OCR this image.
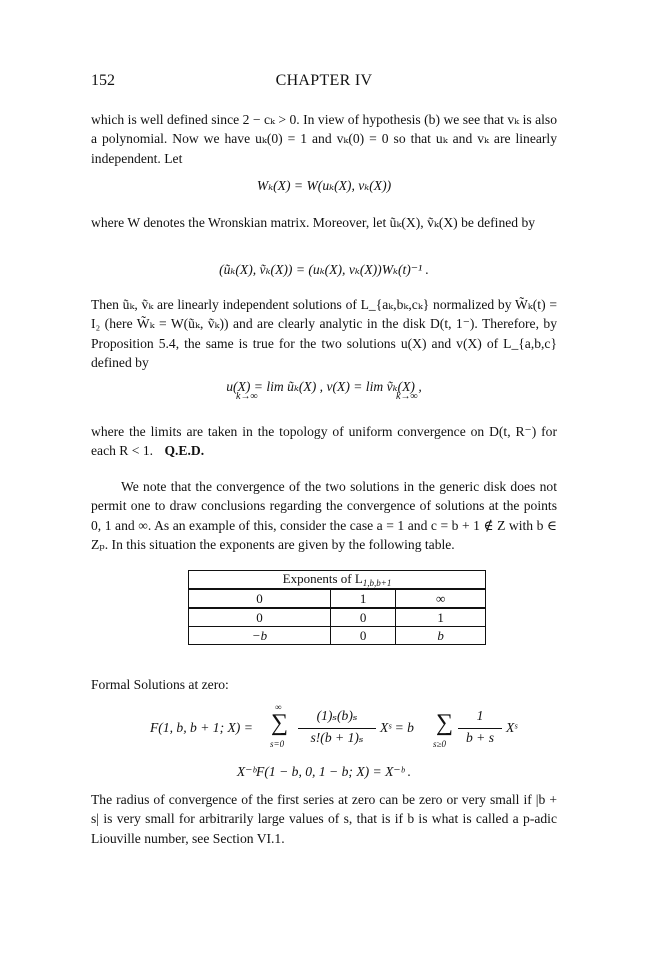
152	CHAPTER IV
which is well defined since 2 − cₖ > 0. In view of hypothesis (b) we see that vₖ is also a polynomial. Now we have uₖ(0) = 1 and vₖ(0) = 0 so that uₖ and vₖ are linearly independent. Let
Wₖ(X) = W(uₖ(X), vₖ(X))
where W denotes the Wronskian matrix. Moreover, let ũₖ(X), ṽₖ(X) be defined by
(ũₖ(X), ṽₖ(X)) = (uₖ(X), vₖ(X))Wₖ(t)⁻¹ .
Then ũₖ, ṽₖ are linearly independent solutions of L_{aₖ,bₖ,cₖ} normalized by W̃ₖ(t) = I₂ (here W̃ₖ = W(ũₖ, ṽₖ)) and are clearly analytic in the disk D(t, 1⁻). Therefore, by Proposition 5.4, the same is true for the two solutions u(X) and v(X) of L_{a,b,c} defined by
u(X) = lim ũₖ(X) , v(X) = lim ṽₖ(X) ,
k→∞	k→∞
where the limits are taken in the topology of uniform convergence on D(t, R⁻) for each R < 1. Q.E.D.
We note that the convergence of the two solutions in the generic disk does not permit one to draw conclusions regarding the convergence of solutions at the points 0, 1 and ∞. As an example of this, consider the case a = 1 and c = b + 1 ∉ Z with b ∈ Zₚ. In this situation the exponents are given by the following table.
Exponents of $L_{1,b,b+1}$
0	1	∞
0	0	1
−b	0	b
Formal Solutions at zero:
F(1, b, b + 1; X) =
∞
∑
s=0
(1)ₛ(b)ₛ
s!(b + 1)ₛ
Xˢ = b ∑
s≥0
1
b + s
Xˢ
X⁻ᵇF(1 − b, 0, 1 − b; X) = X⁻ᵇ .
The radius of convergence of the first series at zero can be zero or very small if |b + s| is very small for arbitrarily large values of s, that is if b is what is called a p-adic Liouville number, see Section VI.1.
